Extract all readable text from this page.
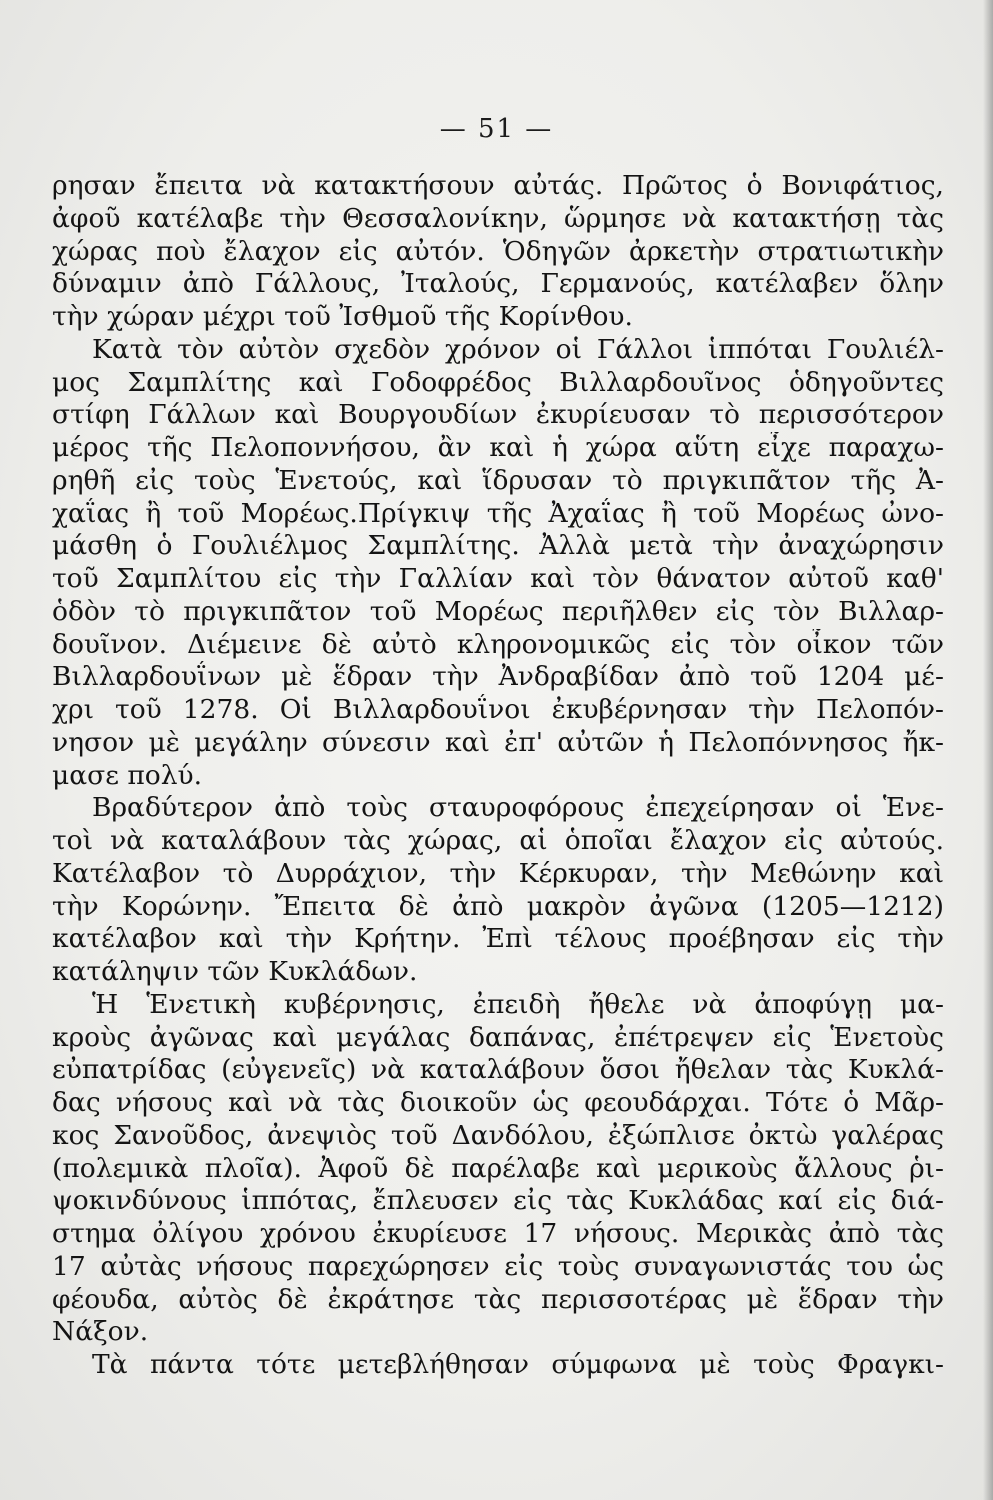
— 51 —
ρησαν ἔπειτα νὰ κατακτήσουν αὐτάς. Πρῶτος ὁ Βονιφάτιος,
ἀφοῦ κατέλαβε τὴν Θεσσαλονίκην, ὥρμησε νὰ κατακτήσῃ τὰς
χώρας ποὺ ἔλαχον εἰς αὐτόν. Ὁδηγῶν ἀρκετὴν στρατιωτικὴν
δύναμιν ἀπὸ Γάλλους, Ἰταλούς, Γερμανούς, κατέλαβεν ὅλην
τὴν χώραν μέχρι τοῦ Ἰσθμοῦ τῆς Κορίνθου.
Κατὰ τὸν αὐτὸν σχεδὸν χρόνον οἱ Γάλλοι ἱππόται Γουλιέλ-
μος Σαμπλίτης καὶ Γοδοφρέδος Βιλλαρδουῖνος ὁδηγοῦντες
στίφη Γάλλων καὶ Βουργουδίων ἐκυρίευσαν τὸ περισσότερον
μέρος τῆς Πελοποννήσου, ἂν καὶ ἡ χώρα αὕτη εἶχε παραχω-
ρηθῆ εἰς τοὺς Ἑνετούς, καὶ ἵδρυσαν τὸ πριγκιπᾶτον τῆς Ἀ-
χαΐας ἢ τοῦ Μορέως.Πρίγκιψ τῆς Ἀχαΐας ἢ τοῦ Μορέως ὠνο-
μάσθη ὁ Γουλιέλμος Σαμπλίτης. Ἀλλὰ μετὰ τὴν ἀναχώρησιν
τοῦ Σαμπλίτου εἰς τὴν Γαλλίαν καὶ τὸν θάνατον αὐτοῦ καθ'
ὁδὸν τὸ πριγκιπᾶτον τοῦ Μορέως περιῆλθεν εἰς τὸν Βιλλαρ-
δουῖνον. Διέμεινε δὲ αὐτὸ κληρονομικῶς εἰς τὸν οἶκον τῶν
Βιλλαρδουΐνων μὲ ἕδραν τὴν Ἀνδραβίδαν ἀπὸ τοῦ 1204 μέ-
χρι τοῦ 1278. Οἱ Βιλλαρδουΐνοι ἐκυβέρνησαν τὴν Πελοπόν-
νησον μὲ μεγάλην σύνεσιν καὶ ἐπ' αὐτῶν ἡ Πελοπόννησος ἤκ-
μασε πολύ.
Βραδύτερον ἀπὸ τοὺς σταυροφόρους ἐπεχείρησαν οἱ Ἑνε-
τοὶ νὰ καταλάβουν τὰς χώρας, αἱ ὁποῖαι ἔλαχον εἰς αὐτούς.
Κατέλαβον τὸ Δυρράχιον, τὴν Κέρκυραν, τὴν Μεθώνην καὶ
τὴν Κορώνην. Ἔπειτα δὲ ἀπὸ μακρὸν ἀγῶνα (1205—1212)
κατέλαβον καὶ τὴν Κρήτην. Ἐπὶ τέλους προέβησαν εἰς τὴν
κατάληψιν τῶν Κυκλάδων.
Ἡ Ἑνετικὴ κυβέρνησις, ἐπειδὴ ἤθελε νὰ ἀποφύγῃ μα-
κροὺς ἀγῶνας καὶ μεγάλας δαπάνας, ἐπέτρεψεν εἰς Ἑνετοὺς
εὐπατρίδας (εὐγενεῖς) νὰ καταλάβουν ὅσοι ἤθελαν τὰς Κυκλά-
δας νήσους καὶ νὰ τὰς διοικοῦν ὡς φεουδάρχαι. Τότε ὁ Μᾶρ-
κος Σανοῦδος, ἀνεψιὸς τοῦ Δανδόλου, ἐξώπλισε ὀκτὼ γαλέρας
(πολεμικὰ πλοῖα). Ἀφοῦ δὲ παρέλαβε καὶ μερικοὺς ἄλλους ῥι-
ψοκινδύνους ἱππότας, ἔπλευσεν εἰς τὰς Κυκλάδας καί εἰς διά-
στημα ὀλίγου χρόνου ἐκυρίευσε 17 νήσους. Μερικὰς ἀπὸ τὰς
17 αὐτὰς νήσους παρεχώρησεν εἰς τοὺς συναγωνιστάς του ὡς
φέουδα, αὐτὸς δὲ ἐκράτησε τὰς περισσοτέρας μὲ ἕδραν τὴν
Νάξον.
Τὰ πάντα τότε μετεβλήθησαν σύμφωνα μὲ τοὺς Φραγκι-
